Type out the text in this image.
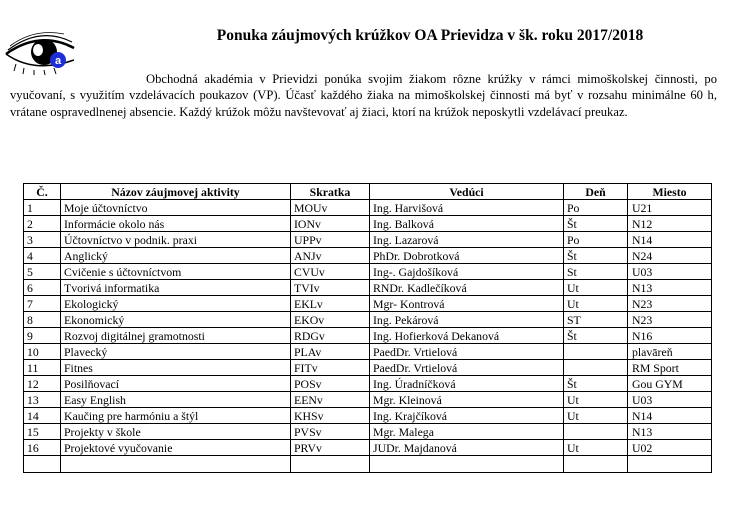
a
Ponuka záujmových krúžkov OA Prievidza v šk. roku 2017/2018

Obchodná akadémia v Prievidzi ponúka svojim žiakom rôzne krúžky v rámci mimoškolskej činnosti, po vyučovaní, s využitím vzdelávacích poukazov (VP). Účasť každého žiaka na mimoškolskej činnosti má byť v rozsahu minimálne 60 h, vrátane ospravedlnenej absencie. Každý krúžok môžu navštevovať aj žiaci, ktorí na krúžok neposkytli vzdelávací preukaz.

Č.	Názov záujmovej aktivity	Skratka	Vedúci	Deň	Miesto
1	Moje účtovníctvo	MOUv	Ing. Harvišová	Po	U21
2	Informácie okolo nás	IONv	Ing. Balková	Št	N12
3	Účtovníctvo v podnik. praxi	UPPv	Ing. Lazarová	Po	N14
4	Anglický	ANJv	PhDr. Dobrotková	Št	N24
5	Cvičenie s účtovníctvom	CVUv	Ing-. Gajdošíková	St	U03
6	Tvorivá informatika	TVIv	RNDr. Kadlečíková	Ut	N13
7	Ekologický	EKLv	Mgr- Kontrová	Ut	N23
8	Ekonomický	EKOv	Ing. Pekárová	ST	N23
9	Rozvoj digitálnej gramotnosti	RDGv	Ing. Hofierková Dekanová	Št	N16
10	Plavecký	PLAv	PaedDr. Vrtielová		plavāreň
11	Fitnes	FITv	PaedDr. Vrtielová		RM Sport
12	Posilňovací	POSv	Ing. Úradníčková	Št	Gou GYM
13	Easy English	EENv	Mgr. Kleinová	Ut	U03
14	Kaučing pre harmóniu a štýl	KHSv	Ing. Krajčíková	Ut	N14
15	Projekty v škole	PVSv	Mgr. Malega		N13
16	Projektové vyučovanie	PRVv	JUDr. Majdanová	Ut	U02
